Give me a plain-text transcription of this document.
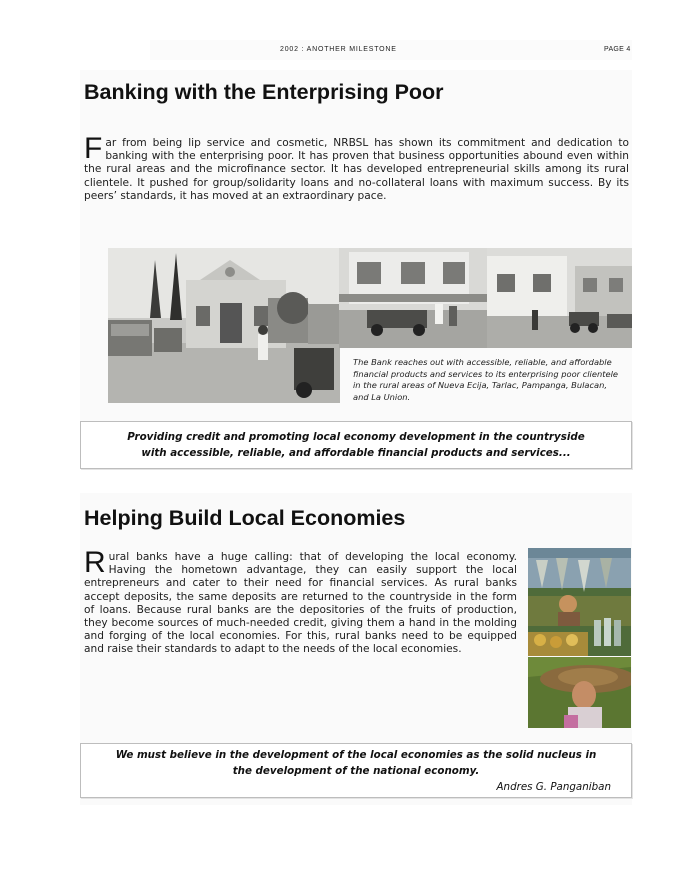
2002 : ANOTHER MILESTONE	PAGE 4
Banking with the Enterprising Poor

Far from being lip service and cosmetic, NRBSL has shown its commitment and dedication to banking with the enterprising poor. It has proven that business opportunities abound even within the rural areas and the microfinance sector. It has developed entrepreneurial skills among its rural clientele. It pushed for group/solidarity loans and no-collateral loans with maximum success. By its peers’ standards, it has moved at an extraordinary pace.

The Bank reaches out with accessible, reliable, and affordable financial products and services to its enterprising poor clientele in the rural areas of Nueva Ecija, Tarlac, Pampanga, Bulacan, and La Union.

Providing credit and promoting local economy development in the countryside
with accessible, reliable, and affordable financial products and services...
Helping Build Local Economies

Rural banks have a huge calling: that of developing the local economy. Having the hometown advantage, they can easily support the local entrepreneurs and cater to their need for financial services. As rural banks accept deposits, the same deposits are returned to the countryside in the form of loans. Because rural banks are the depositories of the fruits of production, they become sources of much-needed credit, giving them a hand in the molding and forging of the local economies. For this, rural banks need to be equipped and raise their standards to adapt to the needs of the local economies.

We must believe in the development of the local economies as the solid nucleus in
the development of the national economy.
Andres G. Panganiban
